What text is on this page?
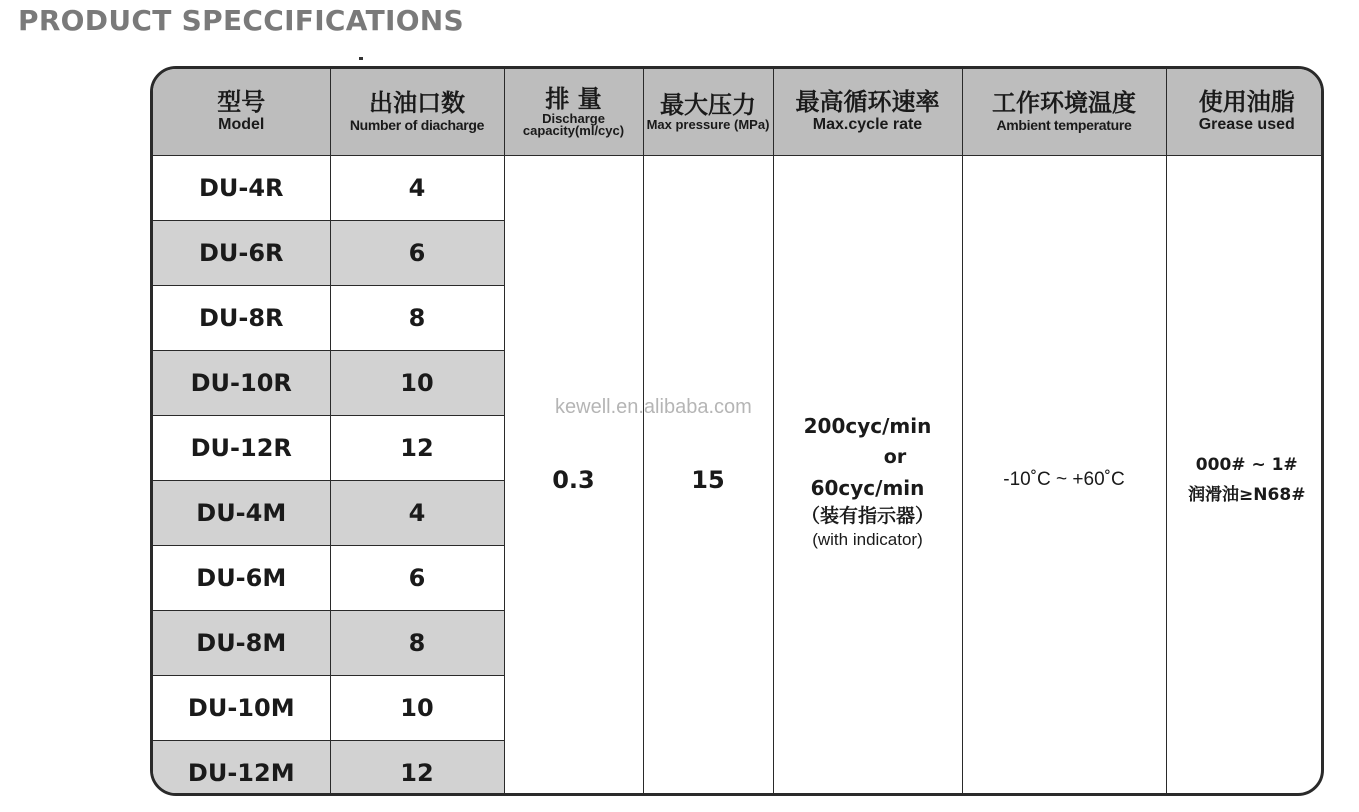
PRODUCT SPECCIFICATIONS
型号
Model	出油口数
Number of diacharge	排 量
Discharge capacity(ml/cyc)	最大压力
Max pressure (MPa)	最高循环速率
Max.cycle rate	工作环境温度
Ambient temperature	使用油脂
Grease used

DU-4R	4	0.3	15	200cyc/min
or
60cyc/min
（装有指示器）
(with indicator)	-10˚C ~ +60˚C	000# ~ 1#
润滑油≥N68#

DU-6R	6					
DU-8R	8					
DU-10R	10					
DU-12R	12					
DU-4M	4					
DU-6M	6					
DU-8M	8					
DU-10M	10					
DU-12M	12					
kewell.en.alibaba.com
